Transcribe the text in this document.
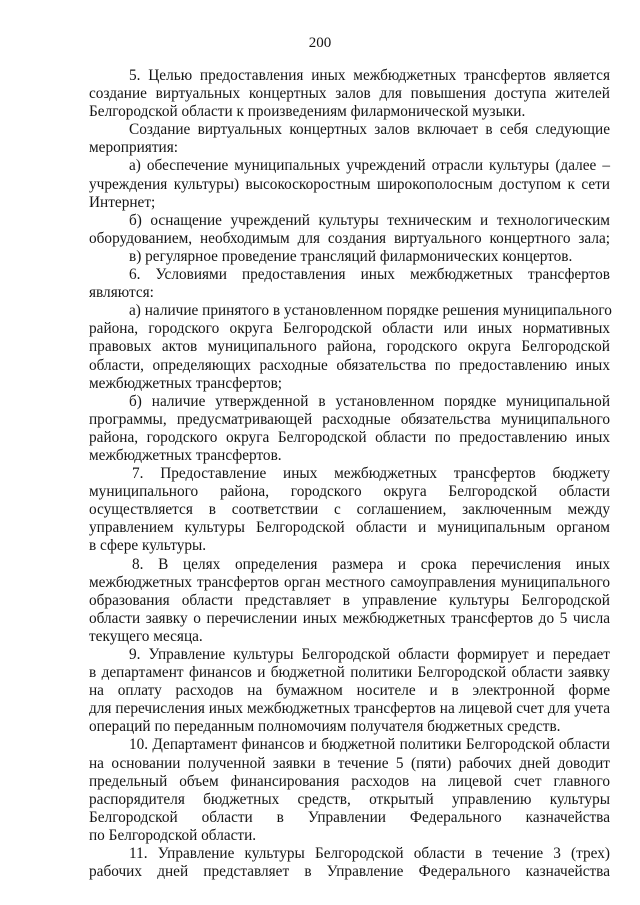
200
5. Целью предоставления иных межбюджетных трансфертов является
создание виртуальных концертных залов для повышения доступа жителей
Белгородской области к произведениям филармонической музыки.
Создание виртуальных концертных залов включает в себя следующие
мероприятия:
а) обеспечение муниципальных учреждений отрасли культуры (далее –
учреждения культуры) высокоскоростным широкополосным доступом к сети
Интернет;
б) оснащение учреждений культуры техническим и технологическим
оборудованием, необходимым для создания виртуального концертного зала;
в) регулярное проведение трансляций филармонических концертов.
6. Условиями предоставления иных межбюджетных трансфертов
являются:
а) наличие принятого в установленном порядке решения муниципального
района, городского округа Белгородской области или иных нормативных
правовых актов муниципального района, городского округа Белгородской
области, определяющих расходные обязательства по предоставлению иных
межбюджетных трансфертов;
б) наличие утвержденной в установленном порядке муниципальной
программы, предусматривающей расходные обязательства муниципального
района, городского округа Белгородской области по предоставлению иных
межбюджетных трансфертов.
7. Предоставление иных межбюджетных трансфертов бюджету
муниципального района, городского округа Белгородской области
осуществляется в соответствии с соглашением, заключенным между
управлением культуры Белгородской области и муниципальным органом
в сфере культуры.
8. В целях определения размера и срока перечисления иных
межбюджетных трансфертов орган местного самоуправления муниципального
образования области представляет в управление культуры Белгородской
области заявку о перечислении иных межбюджетных трансфертов до 5 числа
текущего месяца.
9. Управление культуры Белгородской области формирует и передает
в департамент финансов и бюджетной политики Белгородской области заявку
на оплату расходов на бумажном носителе и в электронной форме
для перечисления иных межбюджетных трансфертов на лицевой счет для учета
операций по переданным полномочиям получателя бюджетных средств.
10. Департамент финансов и бюджетной политики Белгородской области
на основании полученной заявки в течение 5 (пяти) рабочих дней доводит
предельный объем финансирования расходов на лицевой счет главного
распорядителя бюджетных средств, открытый управлению культуры
Белгородской области в Управлении Федерального казначейства
по Белгородской области.
11. Управление культуры Белгородской области в течение 3 (трех)
рабочих дней представляет в Управление Федерального казначейства
